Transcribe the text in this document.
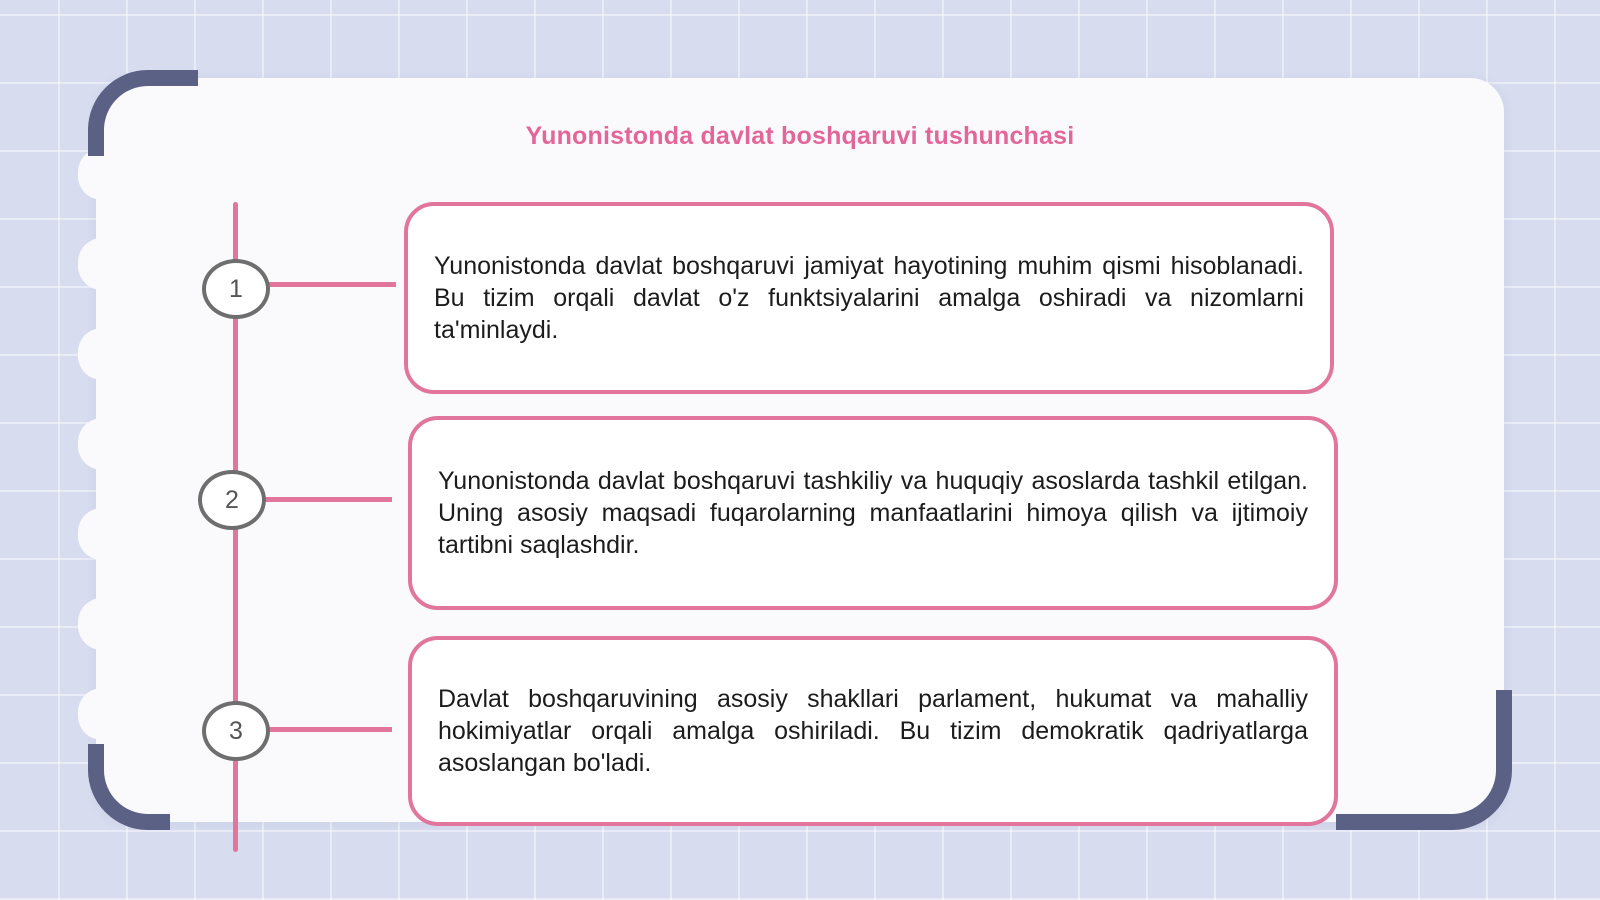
Yunonistonda davlat boshqaruvi tushunchasi
1
Yunonistonda davlat boshqaruvi jamiyat hayotining muhim qismi hisoblanadi. Bu tizim orqali davlat o'z funktsiyalarini amalga oshiradi va nizomlarni ta'minlaydi.
2
Yunonistonda davlat boshqaruvi tashkiliy va huquqiy asoslarda tashkil etilgan. Uning asosiy maqsadi fuqarolarning manfaatlarini himoya qilish va ijtimoiy tartibni saqlashdir.
3
Davlat boshqaruvining asosiy shakllari parlament, hukumat va mahalliy hokimiyatlar orqali amalga oshiriladi. Bu tizim demokratik qadriyatlarga asoslangan bo'ladi.
